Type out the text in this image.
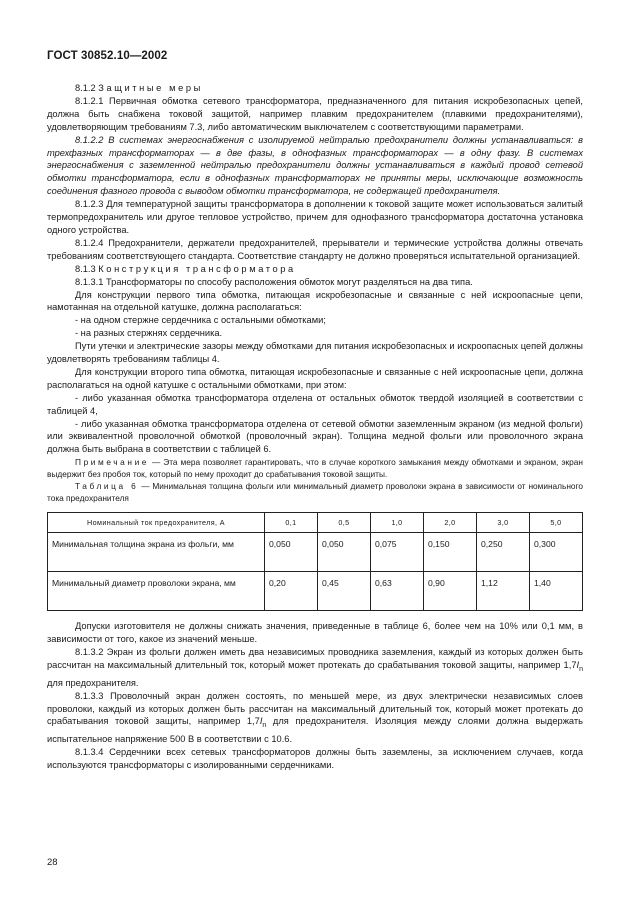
ГОСТ 30852.10—2002

8.1.2 Защитные меры

8.1.2.1 Первичная обмотка сетевого трансформатора, предназначенного для питания искробезопасных цепей, должна быть снабжена токовой защитой, например плавким предохранителем (плавкими предохранителями), удовлетворяющим требованиям 7.3, либо автоматическим выключателем с соответствующими параметрами.

8.1.2.2 В системах энергоснабжения с изолируемой нейтралью предохранители должны устанавливаться: в трехфазных трансформаторах — в две фазы, в однофазных трансформаторах — в одну фазу. В системах энергоснабжения с заземленной нейтралью предохранители должны устанавливаться в каждый провод сетевой обмотки трансформатора, если в однофазных трансформаторах не приняты меры, исключающие возможность соединения фазного провода с выводом обмотки трансформатора, не содержащей предохранителя.

8.1.2.3 Для температурной защиты трансформатора в дополнении к токовой защите может использоваться залитый термопредохранитель или другое тепловое устройство, причем для однофазного трансформатора достаточна установка одного устройства.

8.1.2.4 Предохранители, держатели предохранителей, прерыватели и термические устройства должны отвечать требованиям соответствующего стандарта. Соответствие стандарту не должно проверяться испытательной организацией.

8.1.3 Конструкция трансформатора

8.1.3.1 Трансформаторы по способу расположения обмоток могут разделяться на два типа.

Для конструкции первого типа обмотка, питающая искробезопасные и связанные с ней искроопасные цепи, намотанная на отдельной катушке, должна располагаться:

- на одном стержне сердечника с остальными обмотками;

- на разных стержнях сердечника.

Пути утечки и электрические зазоры между обмотками для питания искробезопасных и искроопасных цепей должны удовлетворять требованиям таблицы 4.

Для конструкции второго типа обмотка, питающая искробезопасные и связанные с ней искроопасные цепи, должна располагаться на одной катушке с остальными обмотками, при этом:

- либо указанная обмотка трансформатора отделена от остальных обмоток твердой изоляцией в соответствии с таблицей 4,

- либо указанная обмотка трансформатора отделена от сетевой обмотки заземленным экраном (из медной фольги) или эквивалентной проволочной обмоткой (проволочный экран). Толщина медной фольги или проволочного экрана должна быть выбрана в соответствии с таблицей 6.

Примечание — Эта мера позволяет гарантировать, что в случае короткого замыкания между обмотками и экраном, экран выдержит без пробоя ток, который по нему проходит до срабатывания токовой защиты.

Таблица 6 — Минимальная толщина фольги или минимальный диаметр проволоки экрана в зависимости от номинального тока предохранителя

Номинальный ток предохранителя, А	0,1	0,5	1,0	2,0	3,0	5,0
Минимальная толщина экрана из фольги, мм	0,050	0,050	0,075	0,150	0,250	0,300
Минимальный диаметр проволоки экрана, мм	0,20	0,45	0,63	0,90	1,12	1,40

Допуски изготовителя не должны снижать значения, приведенные в таблице 6, более чем на 10% или 0,1 мм, в зависимости от того, какое из значений меньше.

8.1.3.2 Экран из фольги должен иметь два независимых проводника заземления, каждый из которых должен быть рассчитан на максимальный длительный ток, который может протекать до срабатывания токовой защиты, например $1,7I_n$ для предохранителя.

8.1.3.3 Проволочный экран должен состоять, по меньшей мере, из двух электрически независимых слоев проволоки, каждый из которых должен быть рассчитан на максимальный длительный ток, который может протекать до срабатывания токовой защиты, например $1,7I_n$ для предохранителя. Изоляция между слоями должна выдержать испытательное напряжение 500 В в соответствии с 10.6.

8.1.3.4 Сердечники всех сетевых трансформаторов должны быть заземлены, за исключением случаев, когда используются трансформаторы с изолированными сердечниками.

28
